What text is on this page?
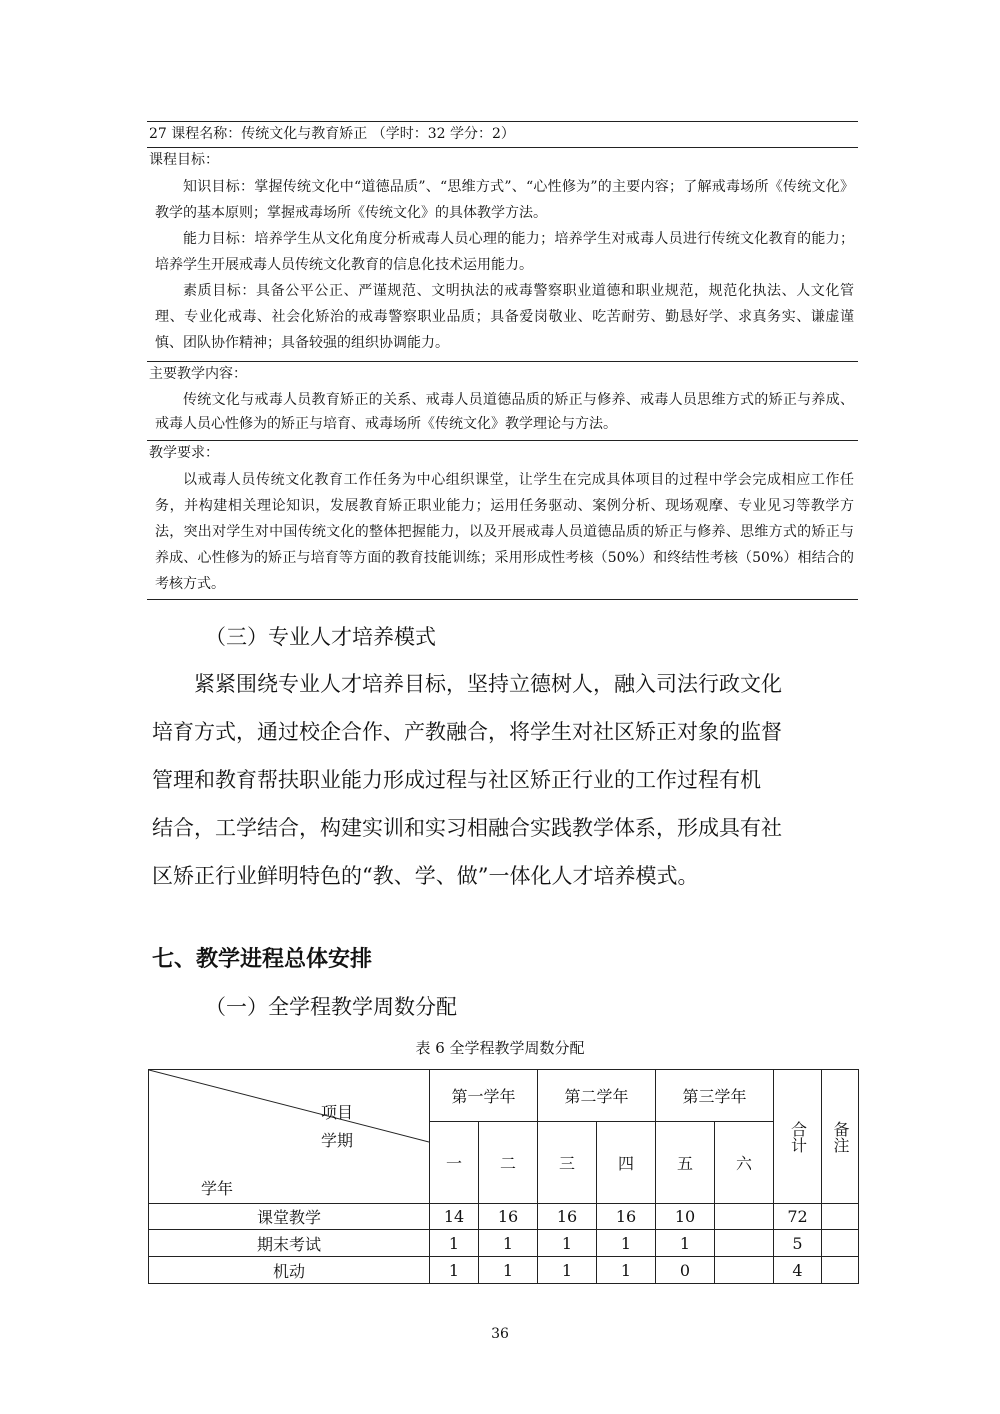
27 课程名称：传统文化与教育矫正 （学时：32 学分：2）
课程目标：

知识目标：掌握传统文化中“道德品质”、“思维方式”、“心性修为”的主要内容；了解戒毒场所《传统文化》教学的基本原则；掌握戒毒场所《传统文化》的具体教学方法。

能力目标：培养学生从文化角度分析戒毒人员心理的能力；培养学生对戒毒人员进行传统文化教育的能力；培养学生开展戒毒人员传统文化教育的信息化技术运用能力。

素质目标：具备公平公正、严谨规范、文明执法的戒毒警察职业道德和职业规范，规范化执法、人文化管理、专业化戒毒、社会化矫治的戒毒警察职业品质；具备爱岗敬业、吃苦耐劳、勤恳好学、求真务实、谦虚谨慎、团队协作精神；具备较强的组织协调能力。

主要教学内容：

传统文化与戒毒人员教育矫正的关系、戒毒人员道德品质的矫正与修养、戒毒人员思维方式的矫正与养成、戒毒人员心性修为的矫正与培育、戒毒场所《传统文化》教学理论与方法。

教学要求：

以戒毒人员传统文化教育工作任务为中心组织课堂，让学生在完成具体项目的过程中学会完成相应工作任务，并构建相关理论知识，发展教育矫正职业能力；运用任务驱动、案例分析、现场观摩、专业见习等教学方法，突出对学生对中国传统文化的整体把握能力，以及开展戒毒人员道德品质的矫正与修养、思维方式的矫正与养成、心性修为的矫正与培育等方面的教育技能训练；采用形成性考核（50%）和终结性考核（50%）相结合的考核方式。

（三）专业人才培养模式
紧紧围绕专业人才培养目标，坚持立德树人，融入司法行政文化
培育方式，通过校企合作、产教融合，将学生对社区矫正对象的监督
管理和教育帮扶职业能力形成过程与社区矫正行业的工作过程有机
结合，工学结合，构建实训和实习相融合实践教学体系，形成具有社
区矫正行业鲜明特色的“教、学、做”一体化人才培养模式。
七、教学进程总体安排
（一）全学程教学周数分配
表 6 全学程教学周数分配
项目
学期
学年	第一学年		第二学年		第三学年		合计	备注
	一	二	三	四	五	六		
课堂教学	14	16	16	16	10		72	
期末考试	1	1	1	1	1		5	
机动	1	1	1	1	0		4	
36
